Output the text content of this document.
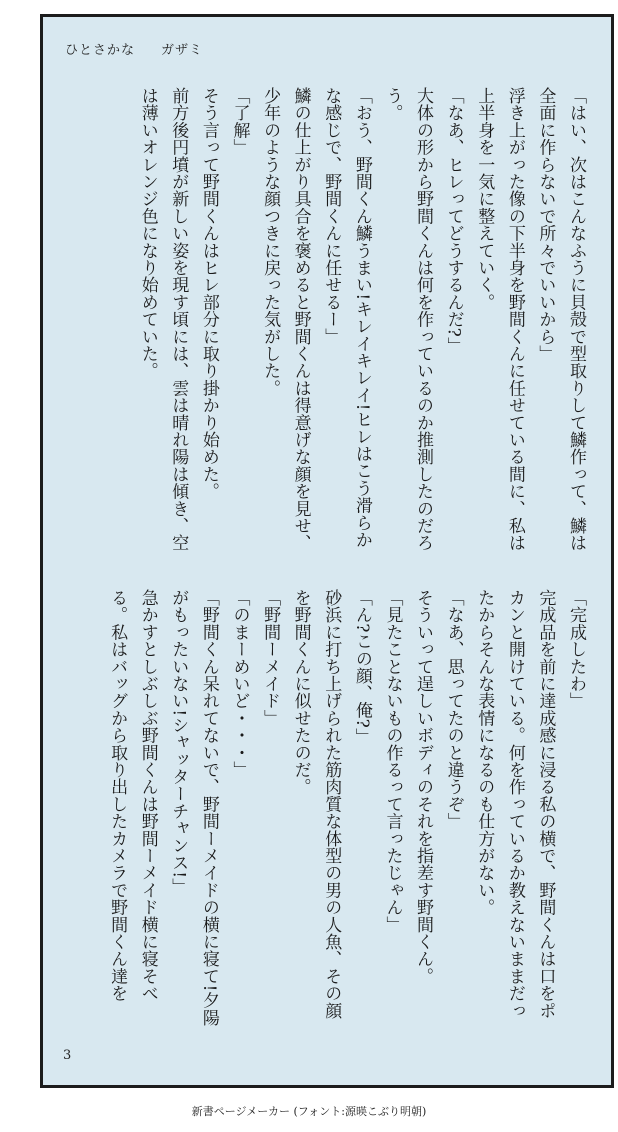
ひとさかな ガザミ

「はい、次はこんなふうに貝殻で型取りして鱗作って、鱗は全面に作らないで所々でいいから」

浮き上がった像の下半身を野間くんに任せている間に、私は上半身を一気に整えていく。

「なあ、ヒレってどうするんだ?」

大体の形から野間くんは何を作っているのか推測したのだろう。

「おう、野間くん鱗うまい!キレイキレイ!ヒレはこう滑らかな感じで、野間くんに任せるー」

鱗の仕上がり具合を褒めると野間くんは得意げな顔を見せ、少年のような顔つきに戻った気がした。

「了解」

そう言って野間くんはヒレ部分に取り掛かり始めた。

前方後円墳が新しい姿を現す頃には、雲は晴れ陽は傾き、空は薄いオレンジ色になり始めていた。

「完成したわ」

完成品を前に達成感に浸る私の横で、野間くんは口をポカンと開けている。何を作っているか教えないままだったからそんな表情になるのも仕方がない。

「なあ、思ってたのと違うぞ」

そういって逞しいボディのそれを指差す野間くん。

「見たことないもの作るって言ったじゃん」

「ん?この顔、俺?」

砂浜に打ち上げられた筋肉質な体型の男の人魚、その顔を野間くんに似せたのだ。

「野間ーメイド」

「のまーめいど・・・」

「野間くん呆れてないで、野間ーメイドの横に寝て!夕陽がもったいない!シャッターチャンス!」

急かすとしぶしぶ野間くんは野間ーメイド横に寝そべる。私はバッグから取り出したカメラで野間くん達を

3
新書ページメーカー (フォント:源暎こぶり明朝)
